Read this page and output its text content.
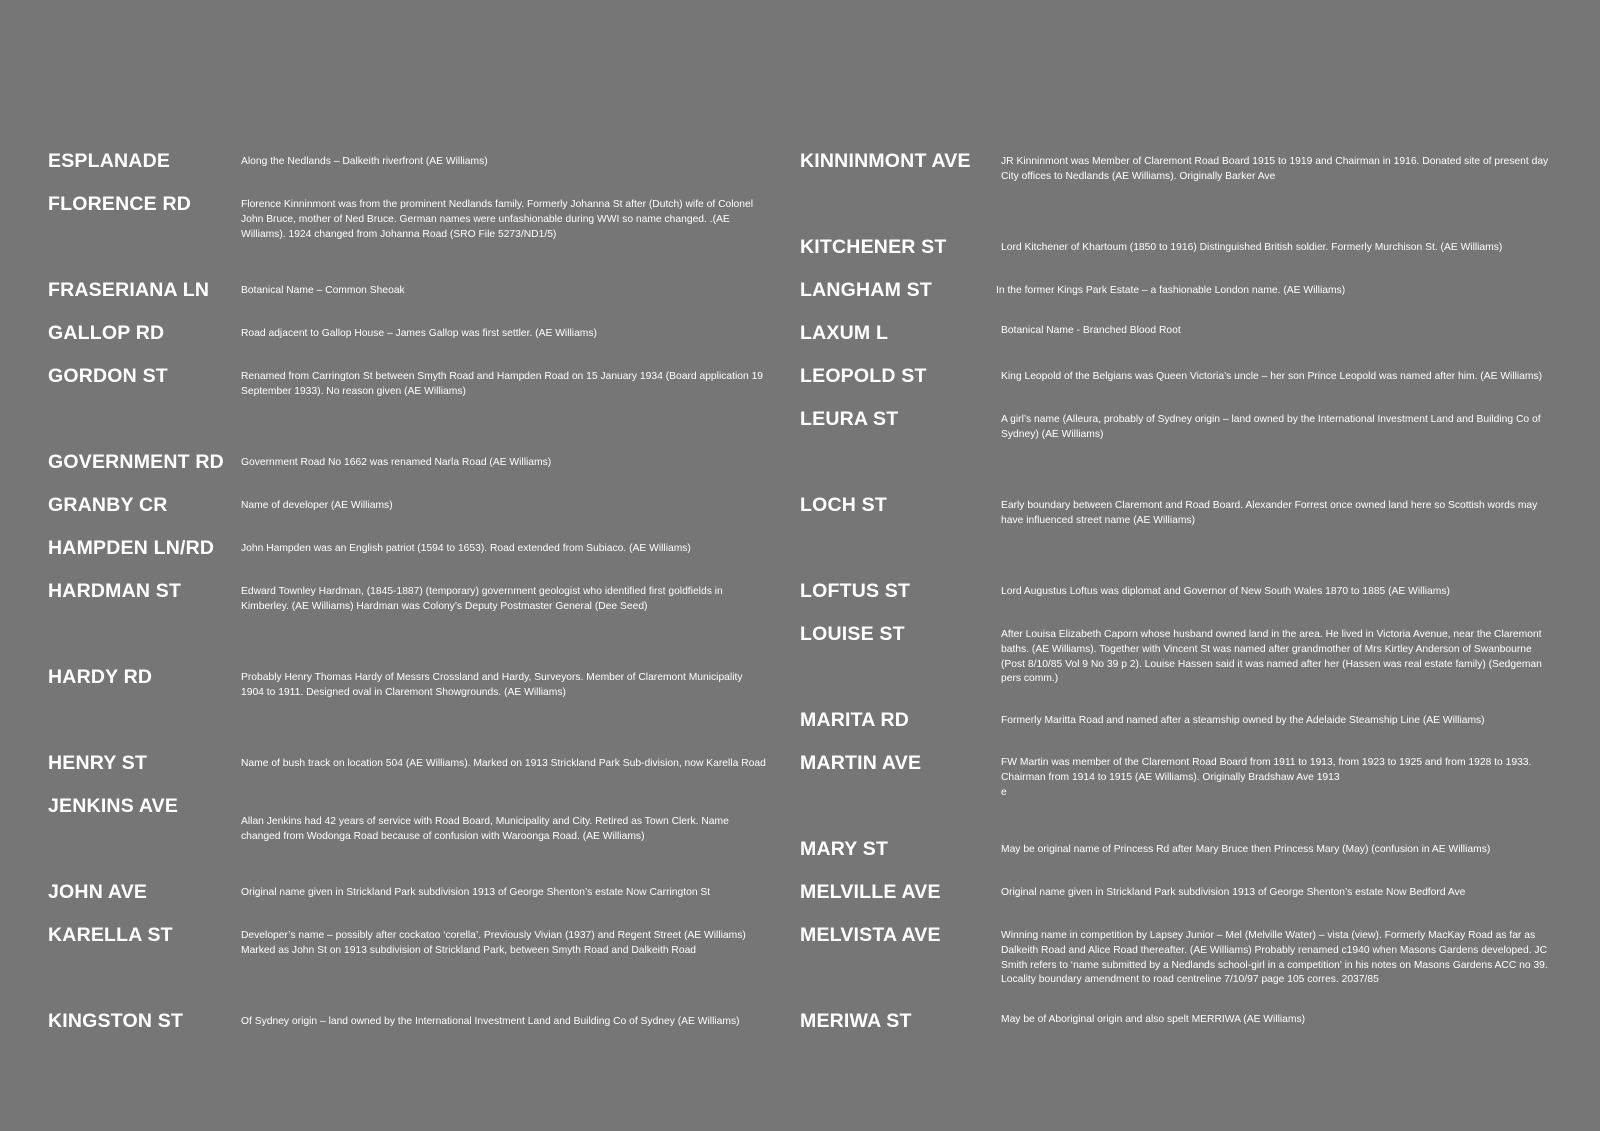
ESPLANADE	Along the Nedlands – Dalkeith riverfront (AE Williams)
FLORENCE RD	Florence Kinninmont was from the prominent Nedlands family. Formerly Johanna St after (Dutch) wife of Colonel
John Bruce, mother of Ned Bruce. German names were unfashionable during WWI so name changed. .(AE
Williams). 1924 changed from Johanna Road (SRO File 5273/ND1/5)
FRASERIANA LN	Botanical Name – Common Sheoak
GALLOP RD	Road adjacent to Gallop House – James Gallop was first settler. (AE Williams)
GORDON ST	Renamed from Carrington St between Smyth Road and Hampden Road on 15 January 1934 (Board application 19
September 1933). No reason given (AE Williams)
GOVERNMENT RD Government Road No 1662 was renamed Narla Road (AE Williams)
GRANBY CR	Name of developer (AE Williams)
HAMPDEN LN/RD	John Hampden was an English patriot (1594 to 1653). Road extended from Subiaco. (AE Williams)
HARDMAN ST	Edward Townley Hardman, (1845-1887) (temporary) government geologist who identified first goldfields in
Kimberley. (AE Williams) Hardman was Colony’s Deputy Postmaster General (Dee Seed)
HARDY RD	Probably Henry Thomas Hardy of Messrs Crossland and Hardy, Surveyors. Member of Claremont Municipality
1904 to 1911. Designed oval in Claremont Showgrounds. (AE Williams)
HENRY ST	Name of bush track on location 504 (AE Williams). Marked on 1913 Strickland Park Sub-division, now Karella Road
JENKINS AVE
Allan Jenkins had 42 years of service with Road Board, Municipality and City. Retired as Town Clerk. Name
changed from Wodonga Road because of confusion with Waroonga Road. (AE Williams)
JOHN AVE	Original name given in Strickland Park subdivision 1913 of George Shenton’s estate Now Carrington St
KARELLA ST	Developer’s name – possibly after cockatoo ‘corella’. Previously Vivian (1937) and Regent Street (AE Williams)
Marked as John St on 1913 subdivision of Strickland Park, between Smyth Road and Dalkeith Road
KINGSTON ST	Of Sydney origin – land owned by the International Investment Land and Building Co of Sydney (AE Williams)
KINNINMONT AVE	JR Kinninmont was Member of Claremont Road Board 1915 to 1919 and Chairman in 1916. Donated site of present day
City offices to Nedlands (AE Williams). Originally Barker Ave
KITCHENER ST	Lord Kitchener of Khartoum (1850 to 1916) Distinguished British soldier. Formerly Murchison St. (AE Williams)
LANGHAM ST	In the former Kings Park Estate – a fashionable London name. (AE Williams)
LAXUM L	Botanical Name - Branched Blood Root
LEOPOLD ST	King Leopold of the Belgians was Queen Victoria’s uncle – her son Prince Leopold was named after him. (AE Williams)
LEURA ST	A girl’s name (Alleura, probably of Sydney origin – land owned by the International Investment Land and Building Co of
Sydney) (AE Williams)
LOCH ST	Early boundary between Claremont and Road Board. Alexander Forrest once owned land here so Scottish words may
have influenced street name (AE Williams)
LOFTUS ST	Lord Augustus Loftus was diplomat and Governor of New South Wales 1870 to 1885 (AE Williams)
LOUISE ST	After Louisa Elizabeth Caporn whose husband owned land in the area. He lived in Victoria Avenue, near the Claremont
baths. (AE Williams). Together with Vincent St was named after grandmother of Mrs Kirtley Anderson of Swanbourne
(Post 8/10/85 Vol 9 No 39 p 2). Louise Hassen said it was named after her (Hassen was real estate family) (Sedgeman
pers comm.)
MARITA RD	Formerly Maritta Road and named after a steamship owned by the Adelaide Steamship Line (AE Williams)
MARTIN AVE	FW Martin was member of the Claremont Road Board from 1911 to 1913, from 1923 to 1925 and from 1928 to 1933.
Chairman from 1914 to 1915 (AE Williams). Originally Bradshaw Ave 1913
e
MARY ST	May be original name of Princess Rd after Mary Bruce then Princess Mary (May) (confusion in AE Williams)
MELVILLE AVE	Original name given in Strickland Park subdivision 1913 of George Shenton’s estate Now Bedford Ave
MELVISTA AVE	Winning name in competition by Lapsey Junior – Mel (Melville Water) – vista (view). Formerly MacKay Road as far as
Dalkeith Road and Alice Road thereafter. (AE Williams) Probably renamed c1940 when Masons Gardens developed. JC
Smith refers to ‘name submitted by a Nedlands school-girl in a competition’ in his notes on Masons Gardens ACC no 39.
Locality boundary amendment to road centreline 7/10/97 page 105 corres. 2037/85
MERIWA ST	May be of Aboriginal origin and also spelt MERRIWA (AE Williams)
